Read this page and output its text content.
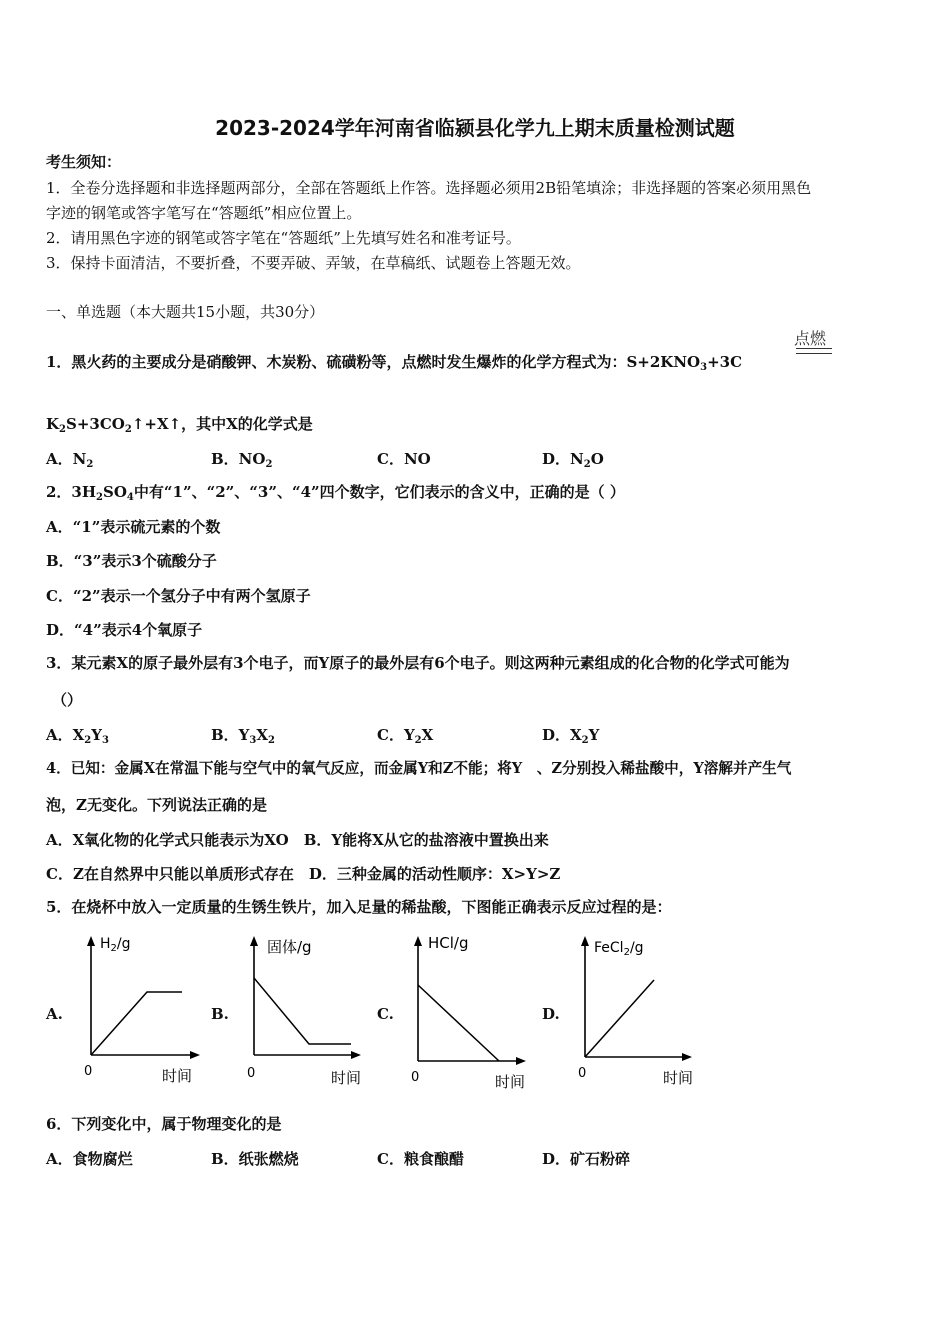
2023-2024学年河南省临颍县化学九上期末质量检测试题
考生须知：
1．全卷分选择题和非选择题两部分，全部在答题纸上作答。选择题必须用2B铅笔填涂；非选择题的答案必须用黑色
字迹的钢笔或答字笔写在“答题纸”相应位置上。
2．请用黑色字迹的钢笔或答字笔在“答题纸”上先填写姓名和准考证号。
3．保持卡面清洁，不要折叠，不要弄破、弄皱，在草稿纸、试题卷上答题无效。
一、单选题（本大题共15小题，共30分）
1．黑火药的主要成分是硝酸钾、木炭粉、硫磺粉等，点燃时发生爆炸的化学方程式为：$S+2KNO_3+3C$
点燃
$K_2S+3CO_2↑+X↑$，其中X的化学式是
A．$N_2$	B．$NO_2$	C．NO	D．$N_2O$
2．$3H_2SO_4$中有“1”、“2”、“3”、“4”四个数字，它们表示的含义中，正确的是（ ）
A．“1”表示硫元素的个数
B．“3”表示3个硫酸分子
C．“2”表示一个氢分子中有两个氢原子
D．“4”表示4个氧原子
3．某元素X的原子最外层有3个电子，而Y原子的最外层有6个电子。则这两种元素组成的化合物的化学式可能为
（）
A．$X_2Y_3$	B．$Y_3X_2$	C．$Y_2X$	D．$X_2Y$
4．已知：金属X在常温下能与空气中的氧气反应，而金属Y和Z不能；将Y　、Z分别投入稀盐酸中，Y溶解并产生气
泡，Z无变化。下列说法正确的是
A．X氧化物的化学式只能表示为XO　B．Y能将X从它的盐溶液中置换出来
C．Z在自然界中只能以单质形式存在　D．三种金属的活动性顺序：X>Y>Z
5．在烧杯中放入一定质量的生锈生铁片，加入足量的稀盐酸，下图能正确表示反应过程的是：
A.
$H_2/g$
0	时间
B.
固体/g
0	时间
C.
HCl/g
0	时间
D.
FeCl$_2$/g
0	时间
6．下列变化中，属于物理变化的是
A．食物腐烂	B．纸张燃烧	C．粮食酿醋	D．矿石粉碎
